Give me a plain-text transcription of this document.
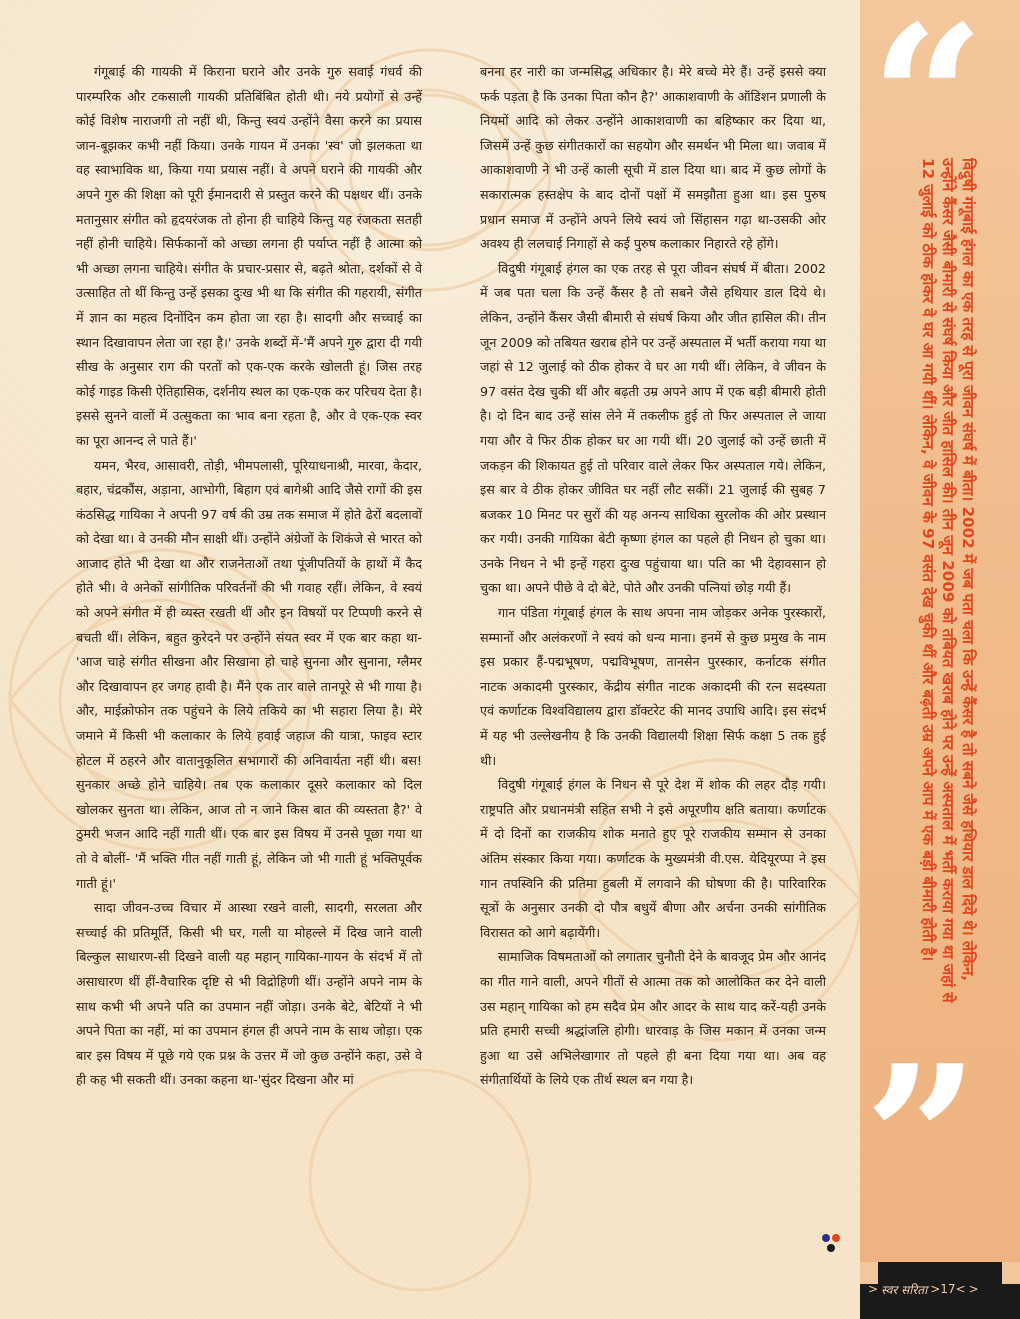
गंगूबाई की गायकी में किराना घराने और उनके गुरु सवाई गंधर्व की पारम्परिक और टकसाली गायकी प्रतिबिंबित होती थी। नये प्रयोगों से उन्हें कोई विशेष नाराजगी तो नहीं थी, किन्तु स्वयं उन्होंने वैसा करने का प्रयास जान-बूझकर कभी नहीं किया। उनके गायन में उनका 'स्व' जो झलकता था वह स्वाभाविक था, किया गया प्रयास नहीं। वे अपने घराने की गायकी और अपने गुरु की शिक्षा को पूरी ईमानदारी से प्रस्तुत करने की पक्षधर थीं। उनके मतानुसार संगीत को हृदयरंजक तो होना ही चाहिये किन्तु यह रंजकता सतही नहीं होनी चाहिये। सिर्फकानों को अच्छा लगना ही पर्याप्त नहीं है आत्मा को भी अच्छा लगना चाहिये। संगीत के प्रचार-प्रसार से, बढ़ते श्रोता, दर्शकों से वे उत्साहित तो थीं किन्तु उन्हें इसका दुःख भी था कि संगीत की गहरायी, संगीत में ज्ञान का महत्व दिनोंदिन कम होता जा रहा है। सादगी और सच्चाई का स्थान दिखावापन लेता जा रहा है।' उनके शब्दों में-'मैं अपने गुरु द्वारा दी गयी सीख के अनुसार राग की परतों को एक-एक करके खोलती हूं। जिस तरह कोई गाइड किसी ऐतिहासिक, दर्शनीय स्थल का एक-एक कर परिचय देता है। इससे सुनने वालों में उत्सुकता का भाव बना रहता है, और वे एक-एक स्वर का पूरा आनन्द ले पाते हैं।'

यमन, भैरव, आसावरी, तोड़ी, भीमपलासी, पूरियाधनाश्री, मारवा, केदार, बहार, चंद्रकौंस, अड़ाना, आभोगी, बिहाग एवं बागेश्री आदि जैसे रागों की इस कंठसिद्ध गायिका ने अपनी 97 वर्ष की उम्र तक समाज में होते ढेरों बदलावों को देखा था। वे उनकी मौन साक्षी थीं। उन्होंने अंग्रेजों के शिकंजे से भारत को आजाद होते भी देखा था और राजनेताओं तथा पूंजीपतियों के हाथों में कैद होते भी। वे अनेकों सांगीतिक परिवर्तनों की भी गवाह रहीं। लेकिन, वे स्वयं को अपने संगीत में ही व्यस्त रखती थीं और इन विषयों पर टिप्पणी करने से बचती थीं। लेकिन, बहुत कुरेदने पर उन्होंने संयत स्वर में एक बार कहा था-'आज चाहे संगीत सीखना और सिखाना हो चाहे सुनना और सुनाना, ग्लैमर और दिखावापन हर जगह हावी है। मैंने एक तार वाले तानपूरे से भी गाया है। और, माईक्रोफोन तक पहुंचने के लिये तकिये का भी सहारा लिया है। मेरे जमाने में किसी भी कलाकार के लिये हवाई जहाज की यात्रा, फाइव स्टार होटल में ठहरने और वातानुकूलित सभागारों की अनिवार्यता नहीं थी। बस! सुनकार अच्छे होने चाहिये। तब एक कलाकार दूसरे कलाकार को दिल खोलकर सुनता था। लेकिन, आज तो न जाने किस बात की व्यस्तता है?' वे ठुमरी भजन आदि नहीं गाती थीं। एक बार इस विषय में उनसे पूछा गया था तो वे बोलीं- 'मैं भक्ति गीत नहीं गाती हूं, लेकिन जो भी गाती हूं भक्तिपूर्वक गाती हूं।'

सादा जीवन-उच्च विचार में आस्था रखने वाली, सादगी, सरलता और सच्चाई की प्रतिमूर्ति, किसी भी घर, गली या मोहल्ले में दिख जाने वाली बिल्कुल साधारण-सी दिखने वाली यह महान् गायिका-गायन के संदर्भ में तो असाधारण थीं हीं-वैचारिक दृष्टि से भी विद्रोहिणी थीं। उन्होंने अपने नाम के साथ कभी भी अपने पति का उपमान नहीं जोड़ा। उनके बेटे, बेटियों ने भी अपने पिता का नहीं, मां का उपमान हंगल ही अपने नाम के साथ जोड़ा। एक बार इस विषय में पूछे गये एक प्रश्न के उत्तर में जो कुछ उन्होंने कहा, उसे वे ही कह भी सकती थीं। उनका कहना था-'सुंदर दिखना और मां

बनना हर नारी का जन्मसिद्ध अधिकार है। मेरे बच्चे मेरे हैं। उन्हें इससे क्या फर्क पड़ता है कि उनका पिता कौन है?' आकाशवाणी के ऑडिशन प्रणाली के नियमों आदि को लेकर उन्होंने आकाशवाणी का बहिष्कार कर दिया था, जिसमें उन्हें कुछ संगीतकारों का सहयोग और समर्थन भी मिला था। जवाब में आकाशवाणी ने भी उन्हें काली सूची में डाल दिया था। बाद में कुछ लोगों के सकारात्मक हस्तक्षेप के बाद दोनों पक्षों में समझौता हुआ था। इस पुरुष प्रधान समाज में उन्होंने अपने लिये स्वयं जो सिंहासन गढ़ा था-उसकी ओर अवश्य ही ललचाई निगाहों से कई पुरुष कलाकार निहारते रहे होंगे।

विदुषी गंगूबाई हंगल का एक तरह से पूरा जीवन संघर्ष में बीता। 2002 में जब पता चला कि उन्हें कैंसर है तो सबने जैसे हथियार डाल दिये थे। लेकिन, उन्होंने कैंसर जैसी बीमारी से संघर्ष किया और जीत हासिल की। तीन जून 2009 को तबियत खराब होने पर उन्हें अस्पताल में भर्ती कराया गया था जहां से 12 जुलाई को ठीक होकर वे घर आ गयी थीं। लेकिन, वे जीवन के 97 वसंत देख चुकी थीं और बढ़ती उम्र अपने आप में एक बड़ी बीमारी होती है। दो दिन बाद उन्हें सांस लेने में तकलीफ हुई तो फिर अस्पताल ले जाया गया और वे फिर ठीक होकर घर आ गयी थीं। 20 जुलाई को उन्हें छाती में जकड़न की शिकायत हुई तो परिवार वाले लेकर फिर अस्पताल गये। लेकिन, इस बार वे ठीक होकर जीवित घर नहीं लौट सकीं। 21 जुलाई की सुबह 7 बजकर 10 मिनट पर सुरों की यह अनन्य साधिका सुरलोक की ओर प्रस्थान कर गयी। उनकी गायिका बेटी कृष्णा हंगल का पहले ही निधन हो चुका था। उनके निधन ने भी इन्हें गहरा दुःख पहुंचाया था। पति का भी देहावसान हो चुका था। अपने पीछे वे दो बेटे, पोते और उनकी पत्नियां छोड़ गयी हैं।

गान पंडिता गंगूबाई हंगल के साथ अपना नाम जोड़कर अनेक पुरस्कारों, सम्मानों और अलंकरणों ने स्वयं को धन्य माना। इनमें से कुछ प्रमुख के नाम इस प्रकार हैं-पद्मभूषण, पद्मविभूषण, तानसेन पुरस्कार, कर्नाटक संगीत नाटक अकादमी पुरस्कार, केंद्रीय संगीत नाटक अकादमी की रत्न सदस्यता एवं कर्णाटक विश्वविद्यालय द्वारा डॉक्टरेट की मानद उपाधि आदि। इस संदर्भ में यह भी उल्लेखनीय है कि उनकी विद्यालयी शिक्षा सिर्फ कक्षा 5 तक हुई थी।

विदुषी गंगूबाई हंगल के निधन से पूरे देश में शोक की लहर दौड़ गयी। राष्ट्रपति और प्रधानमंत्री सहित सभी ने इसे अपूरणीय क्षति बताया। कर्णाटक में दो दिनों का राजकीय शोक मनाते हुए पूरे राजकीय सम्मान से उनका अंतिम संस्कार किया गया। कर्णाटक के मुख्यमंत्री वी.एस. येदियूरप्पा ने इस गान तपस्विनि की प्रतिमा हुबली में लगवाने की घोषणा की है। पारिवारिक सूत्रों के अनुसार उनकी दो पौत्र बधुयें बीणा और अर्चना उनकी सांगीतिक विरासत को आगे बढ़ायेंगी।

सामाजिक विषमताओं को लगातार चुनौती देने के बावजूद प्रेम और आनंद का गीत गाने वाली, अपने गीतों से आत्मा तक को आलोकित कर देने वाली उस महान् गायिका को हम सदैव प्रेम और आदर के साथ याद करें-यही उनके प्रति हमारी सच्ची श्रद्धांजलि होगी। धारवाड़ के जिस मकान में उनका जन्म हुआ था उसे अभिलेखागार तो पहले ही बना दिया गया था। अब वह संगीतार्थियों के लिये एक तीर्थ स्थल बन गया है।

“
”
विदुषी गंगूबाई हंगल का एक तरह से पूरा जीवन संघर्ष में बीता। 2002 में जब पता चला कि उन्हें कैंसर है तो सबने जैसे हथियार डाल दिये थे। लेकिन, उन्होंने कैंसर जैसी बीमारी से संघर्ष किया और जीत हासिल की। तीन जून 2009 को तबियत खराब होने पर उन्हें अस्पताल में भर्ती कराया गया था जहां से 12 जुलाई को ठीक होकर वे घर आ गयी थीं। लेकिन, वे जीवन के 97 वसंत देख चुकी थीं और बढ़ती उम्र अपने आप में एक बड़ी बीमारी होती है।
> स्वर सरिता >17< >
